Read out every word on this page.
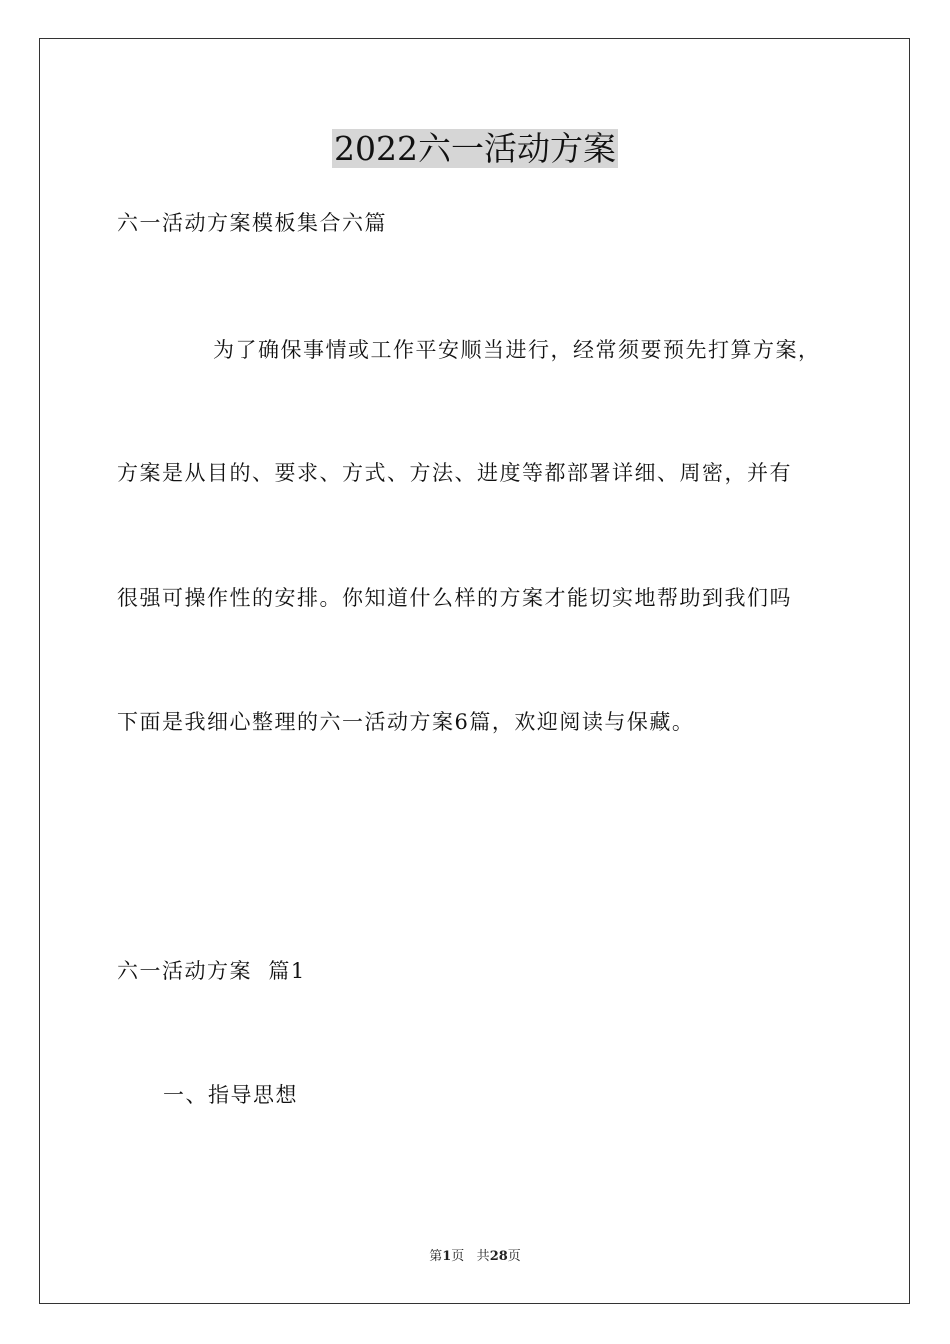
2022六一活动方案
六一活动方案模板集合六篇
为了确保事情或工作平安顺当进行，经常须要预先打算方案，
方案是从目的、要求、方式、方法、进度等都部署详细、周密，并有
很强可操作性的安排。你知道什么样的方案才能切实地帮助到我们吗
下面是我细心整理的六一活动方案6篇，欢迎阅读与保藏。
六一活动方案  篇1
一、指导思想
第1页 共28页
